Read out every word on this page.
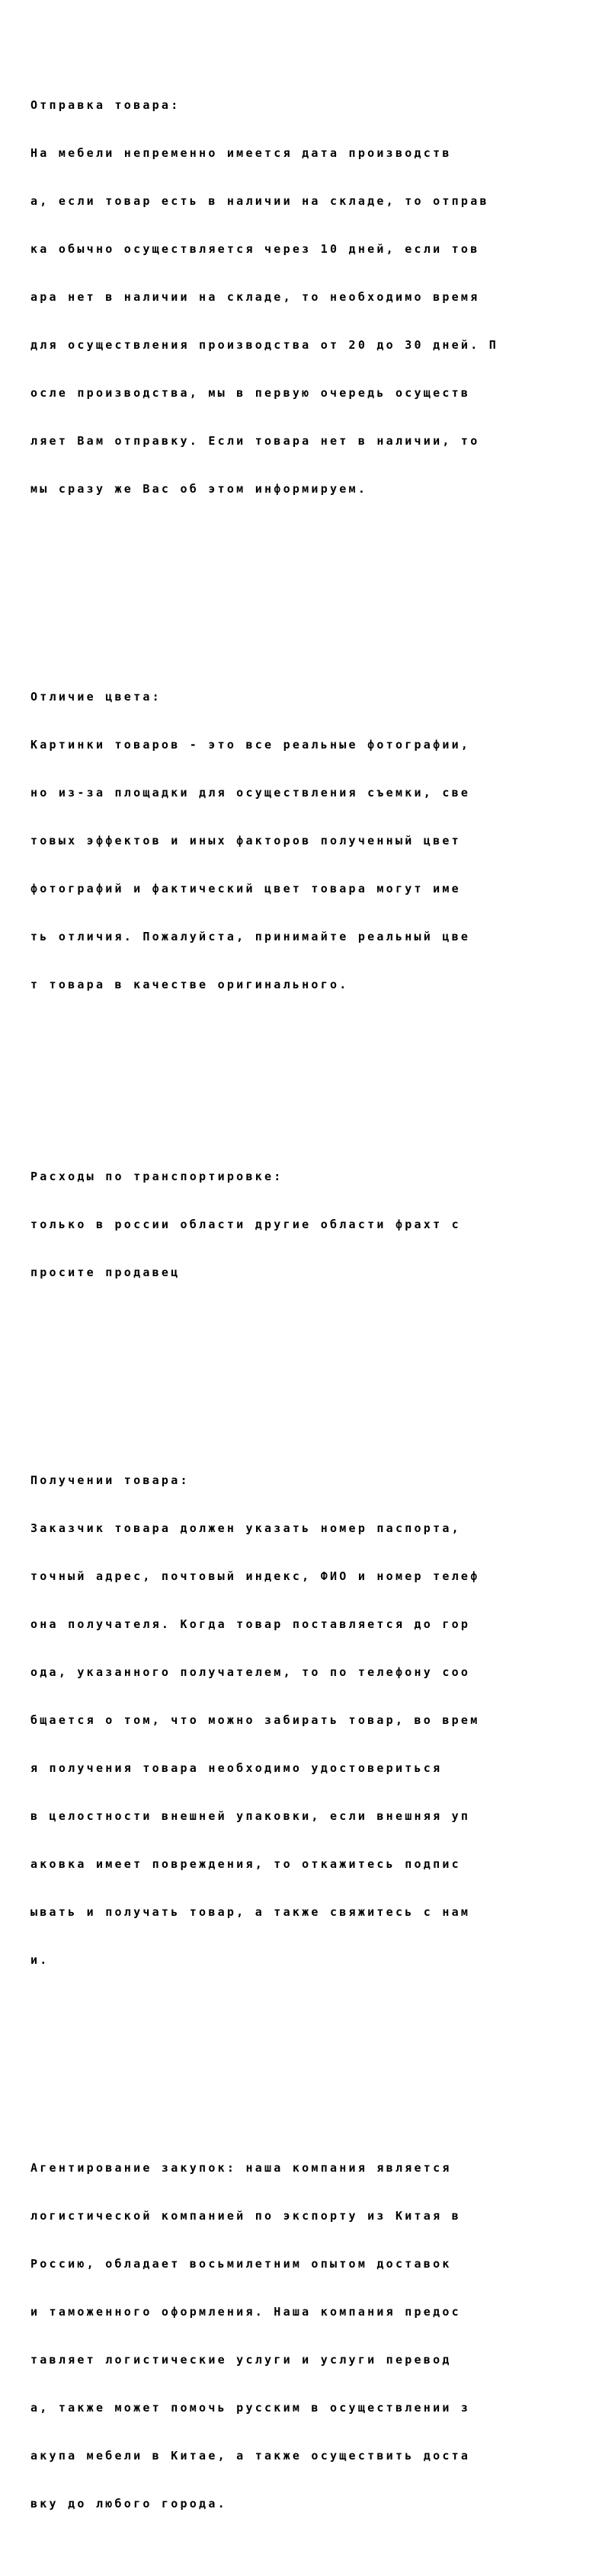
Отправка товара:

На мебели непременно имеется дата производств

а, если товар есть в наличии на складе, то отправ

ка обычно осуществляется через 10 дней, если тов

ара нет в наличии на складе, то необходимо время

для осуществления производства от 20 до 30 дней. П

осле производства, мы в первую очередь осуществ

ляет Вам отправку. Если товара нет в наличии, то

мы сразу же Вас об этом информируем.

Отличие цвета:

Картинки товаров - это все реальные фотографии,

но из-за площадки для осуществления съемки, све

товых эффектов и иных факторов полученный цвет

фотографий и фактический цвет товара могут име

ть отличия. Пожалуйста, принимайте реальный цве

т товара в качестве оригинального.

Расходы по транспортировке:

только в россии области другие области фрахт с

просите продавец

Получении товара:

Заказчик товара должен указать номер паспорта,

точный адрес, почтовый индекс, ФИО и номер телеф

она получателя. Когда товар поставляется до гор

ода, указанного получателем, то по телефону соо

бщается о том, что можно забирать товар, во врем

я получения товара необходимо удостовериться

в целостности внешней упаковки, если внешняя уп

аковка имеет повреждения, то откажитесь подпис

ывать и получать товар, а также свяжитесь с нам

и.

Агентирование закупок: наша компания является

логистической компанией по экспорту из Китая в

Россию, обладает восьмилетним опытом доставок

и таможенного оформления. Наша компания предос

тавляет логистические услуги и услуги перевод

а, также может помочь русским в осуществлении з

акупа мебели в Китае, а также осуществить доста

вку до любого города.
